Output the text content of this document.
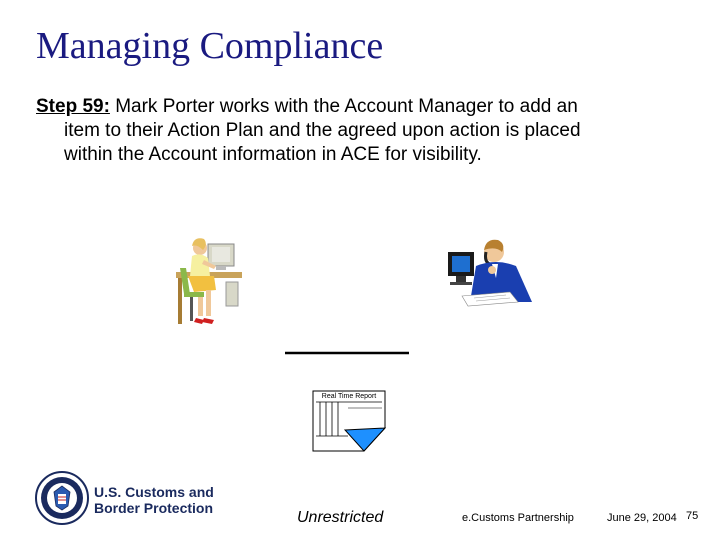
Managing Compliance
Step 59: Mark Porter works with the Account Manager to add an
item to their Action Plan and the agreed upon action is placed
within the Account information in ACE for visibility.
Real Time Report
U.S. Customs and
Border Protection
Unrestricted	e.Customs Partnership	June 29, 2004 75
